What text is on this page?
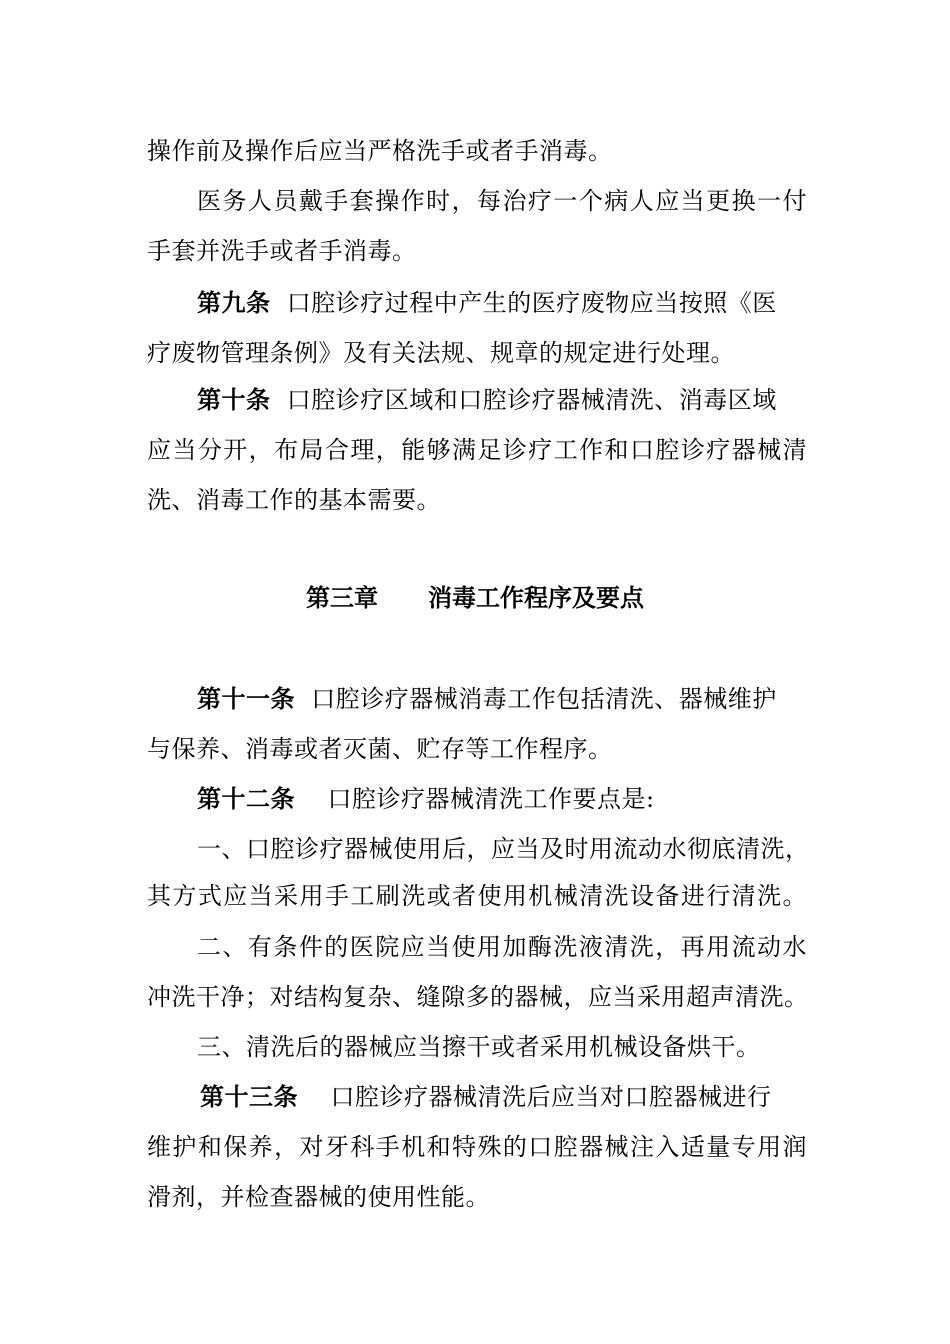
操作前及操作后应当严格洗手或者手消毒。
医务人员戴手套操作时，每治疗一个病人应当更换一付
手套并洗手或者手消毒。
第九条 口腔诊疗过程中产生的医疗废物应当按照《医
疗废物管理条例》及有关法规、规章的规定进行处理。
第十条 口腔诊疗区域和口腔诊疗器械清洗、消毒区域
应当分开，布局合理，能够满足诊疗工作和口腔诊疗器械清
洗、消毒工作的基本需要。
第三章 消毒工作程序及要点
第十一条 口腔诊疗器械消毒工作包括清洗、器械维护
与保养、消毒或者灭菌、贮存等工作程序。
第十二条 口腔诊疗器械清洗工作要点是:
一、口腔诊疗器械使用后，应当及时用流动水彻底清洗，
其方式应当采用手工刷洗或者使用机械清洗设备进行清洗。
二、有条件的医院应当使用加酶洗液清洗，再用流动水
冲洗干净；对结构复杂、缝隙多的器械，应当采用超声清洗。
三、清洗后的器械应当擦干或者采用机械设备烘干。
第十三条 口腔诊疗器械清洗后应当对口腔器械进行
维护和保养，对牙科手机和特殊的口腔器械注入适量专用润
滑剂，并检查器械的使用性能。
